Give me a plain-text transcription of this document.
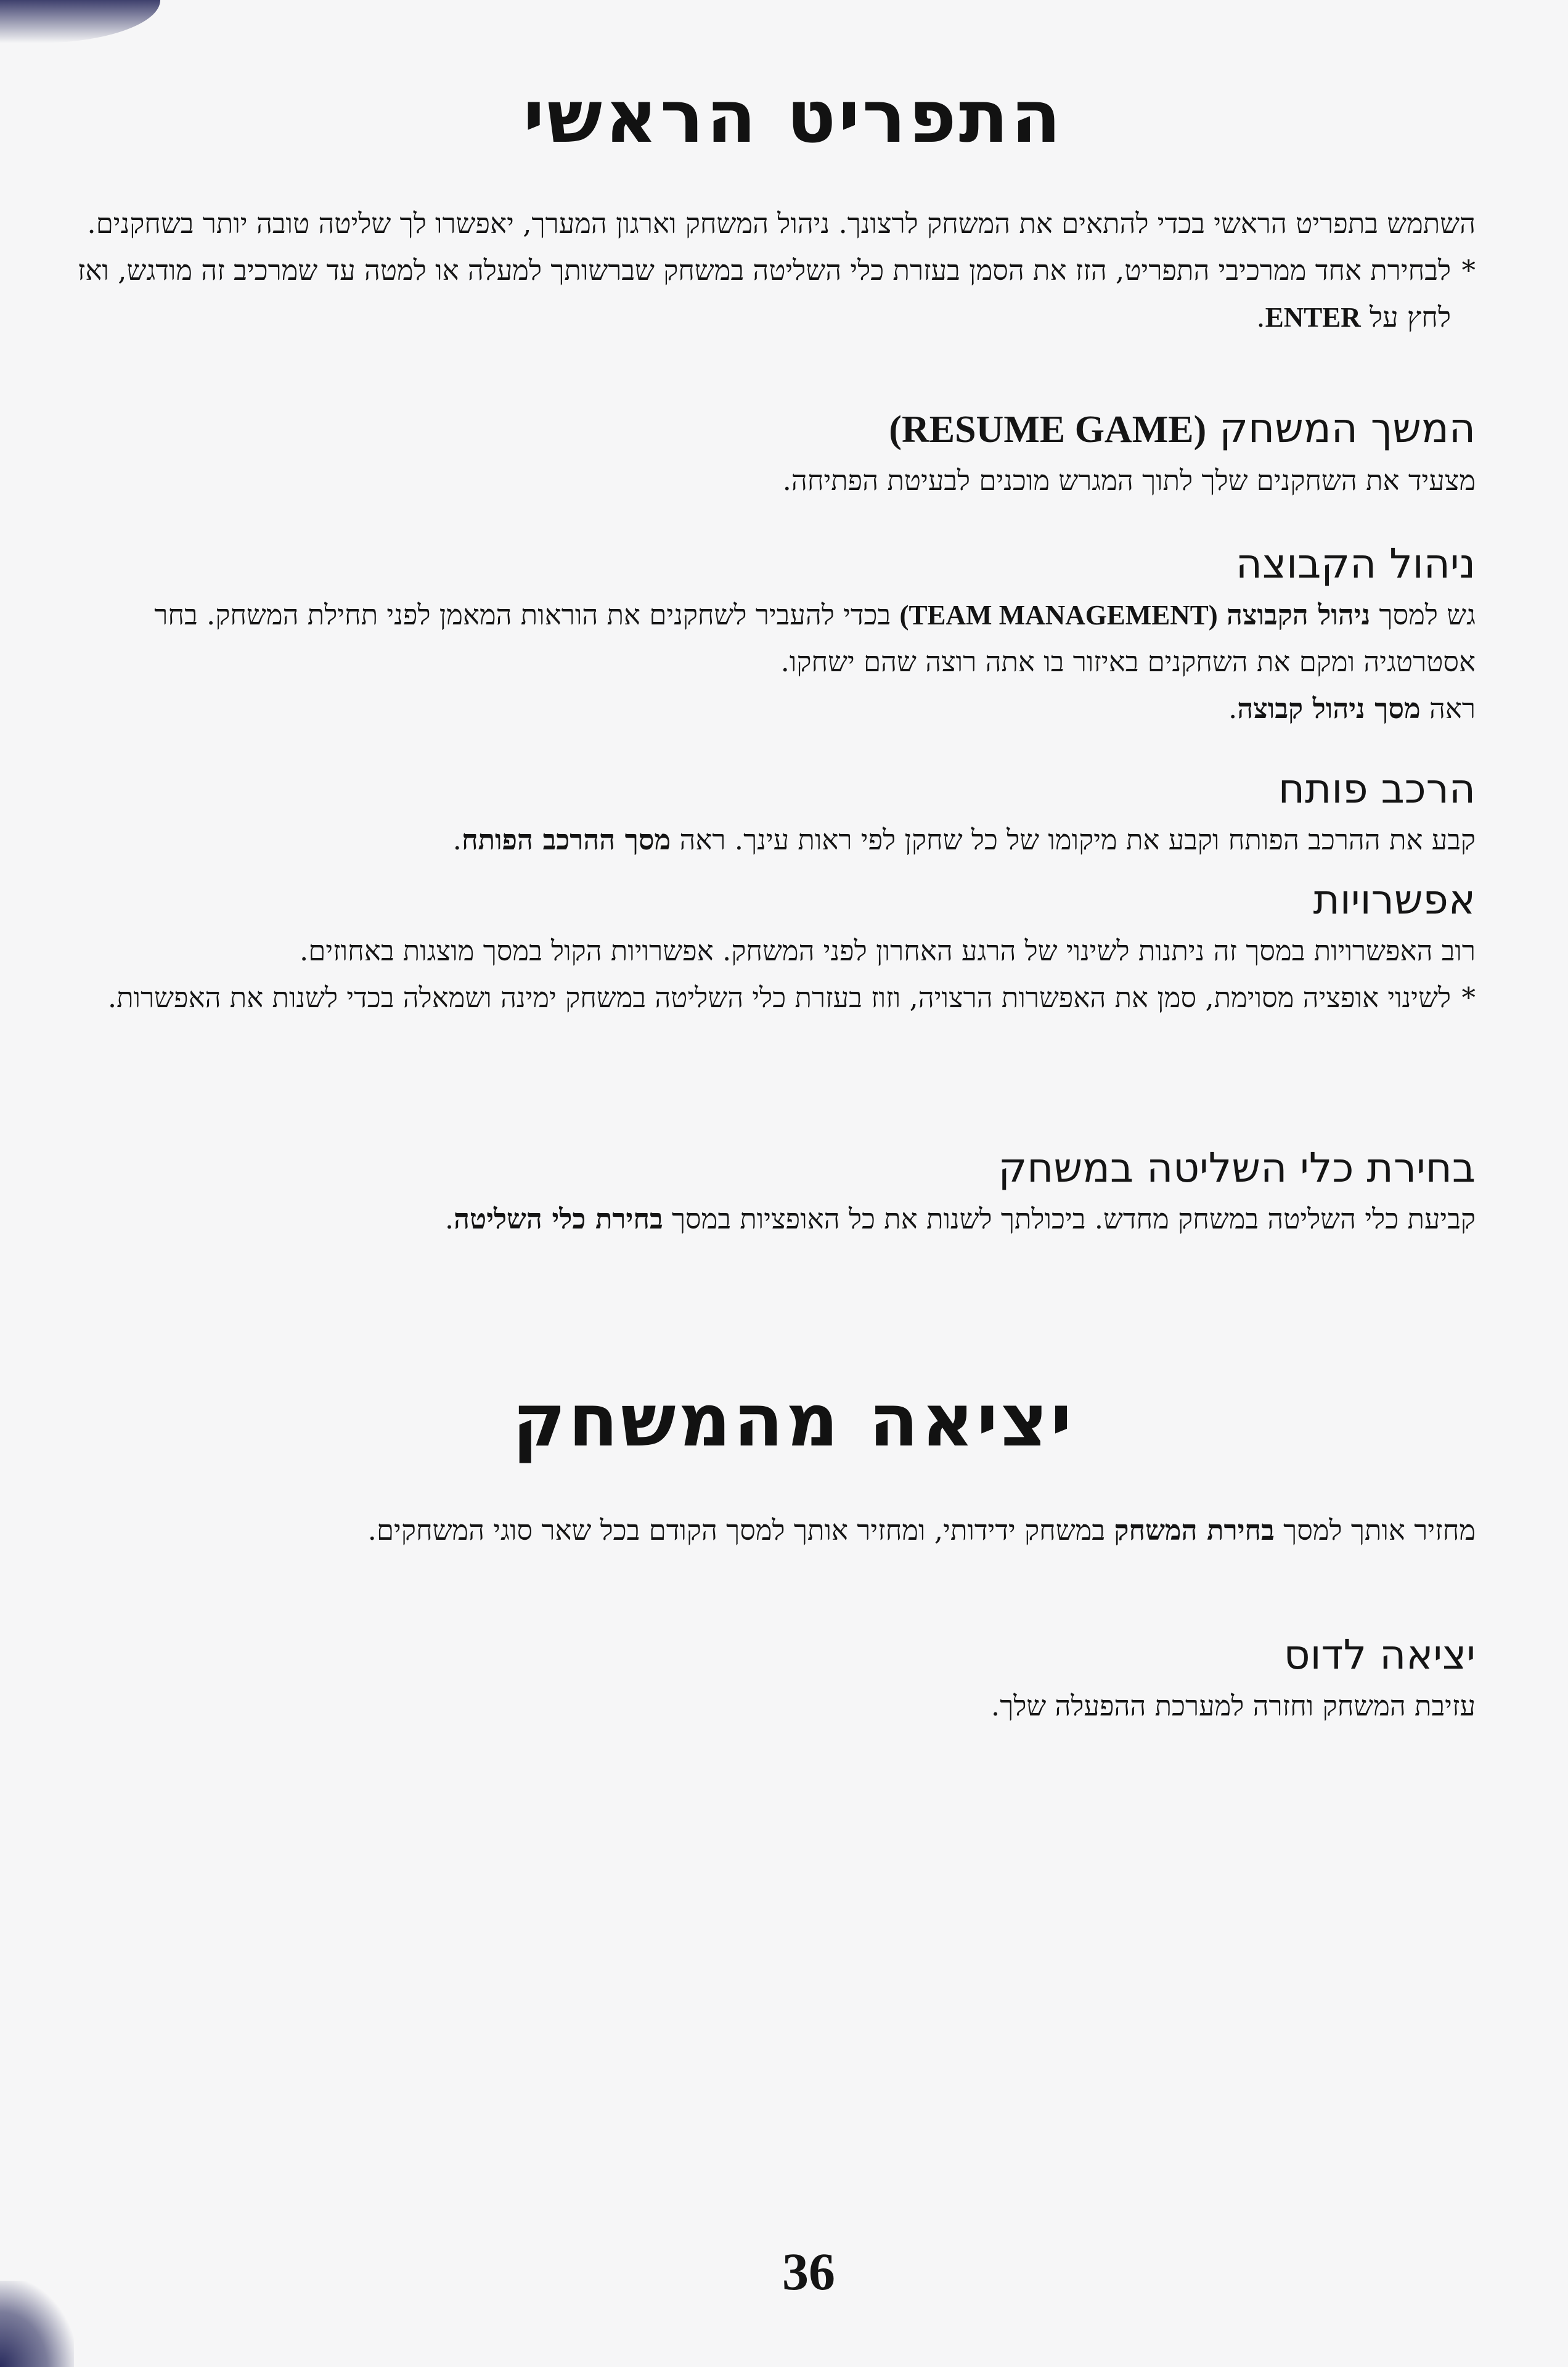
התפריט הראשי

השתמש בתפריט הראשי בכדי להתאים את המשחק לרצונך. ניהול המשחק וארגון המערך, יאפשרו לך שליטה טובה יותר בשחקנים.

*
לבחירת אחד ממרכיבי התפריט, הזז את הסמן בעזרת כלי השליטה במשחק שברשותך למעלה או למטה עד שמרכיב זה מודגש, ואז לחץ על ENTER.

המשך המשחק (RESUME GAME)

מצעיד את השחקנים שלך לתוך המגרש מוכנים לבעיטת הפתיחה.

ניהול הקבוצה

גש למסך ניהול הקבוצה (TEAM MANAGEMENT) בכדי להעביר לשחקנים את הוראות המאמן לפני תחילת המשחק. בחר אסטרטגיה ומקם את השחקנים באיזור בו אתה רוצה שהם ישחקו.
ראה מסך ניהול קבוצה.

הרכב פותח

קבע את ההרכב הפותח וקבע את מיקומו של כל שחקן לפי ראות עינך. ראה מסך ההרכב הפותח.

אפשרויות

רוב האפשרויות במסך זה ניתנות לשינוי של הרגע האחרון לפני המשחק. אפשרויות הקול במסך מוצגות באחוזים.

*
לשינוי אופציה מסוימת, סמן את האפשרות הרצויה, וזוז בעזרת כלי השליטה במשחק ימינה ושמאלה בכדי לשנות את האפשרות.

בחירת כלי השליטה במשחק

קביעת כלי השליטה במשחק מחדש. ביכולתך לשנות את כל האופציות במסך בחירת כלי השליטה.

יציאה מהמשחק

מחזיר אותך למסך בחירת המשחק במשחק ידידותי, ומחזיר אותך למסך הקודם בכל שאר סוגי המשחקים.

יציאה לדוס

עזיבת המשחק וחזרה למערכת ההפעלה שלך.

36
